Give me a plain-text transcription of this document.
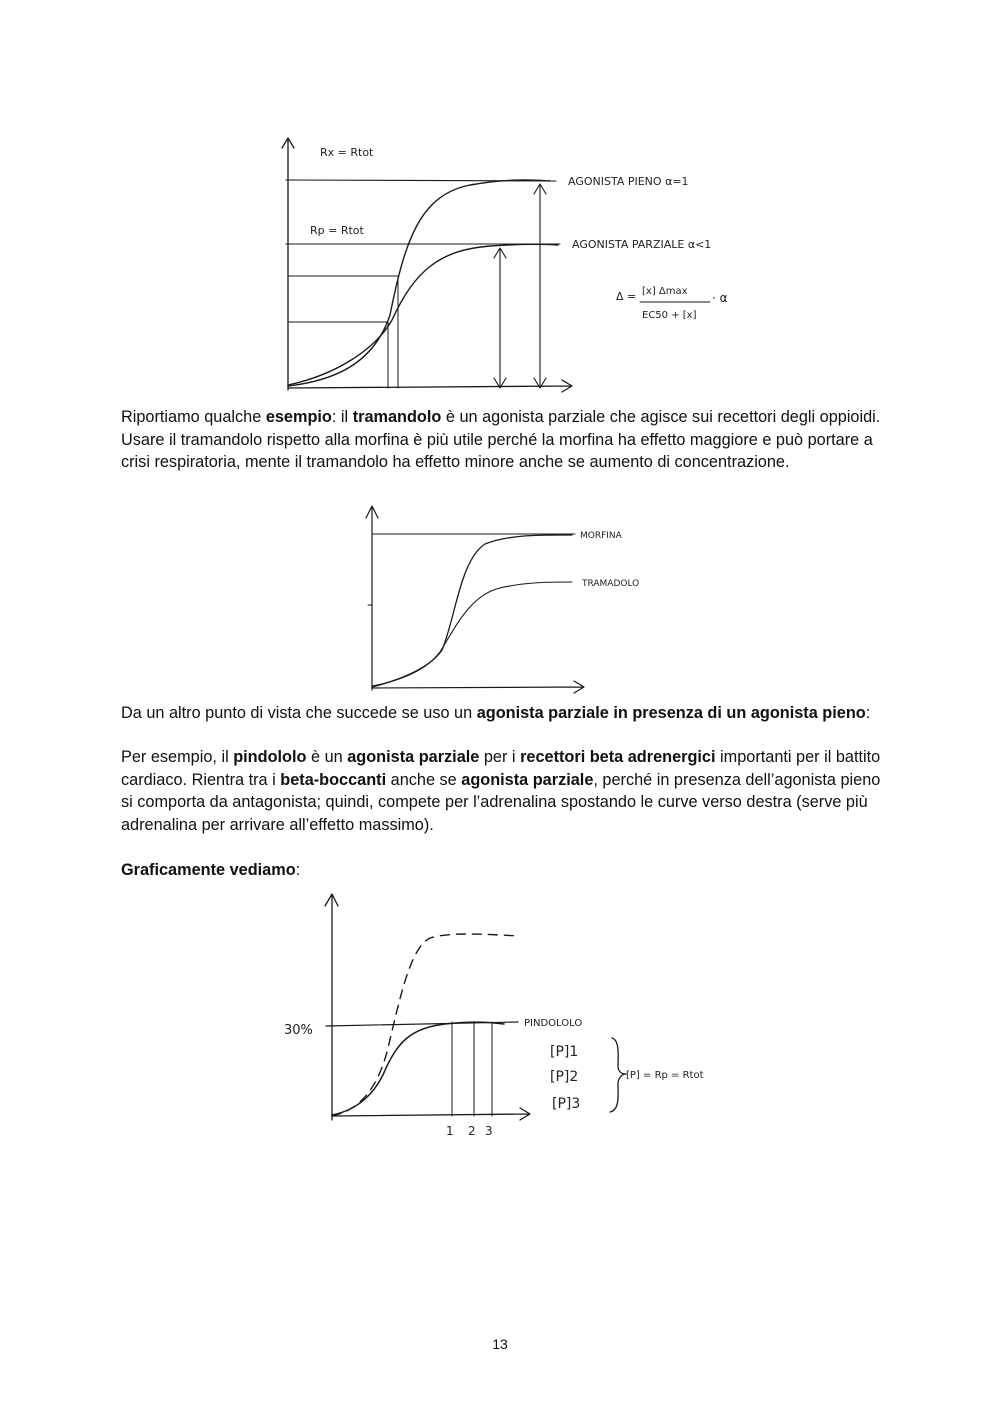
Rx = Rtot
Rp = Rtot
AGONISTA PIENO α=1
AGONISTA PARZIALE α<1
Δ = [x] Δmax
EC50 + [x]
· α

Riportiamo qualche esempio: il tramandolo è un agonista parziale che agisce sui recettori degli oppioidi. Usare il tramandolo rispetto alla morfina è più utile perché la morfina ha effetto maggiore e può portare a crisi respiratoria, mente il tramandolo ha effetto minore anche se aumento di concentrazione.

MORFINA
TRAMADOLO

Da un altro punto di vista che succede se uso un agonista parziale in presenza di un agonista pieno:

Per esempio, il pindololo è un agonista parziale per i recettori beta adrenergici importanti per il battito cardiaco. Rientra tra i beta-boccanti anche se agonista parziale, perché in presenza dell’agonista pieno si comporta da antagonista; quindi, compete per l’adrenalina spostando le curve verso destra (serve più adrenalina per arrivare all’effetto massimo).

Graficamente vediamo:

1 2 3
30%	PINDOLOLO
[P]1
[P]2
[P]3
[P] = Rp = Rtot
13
